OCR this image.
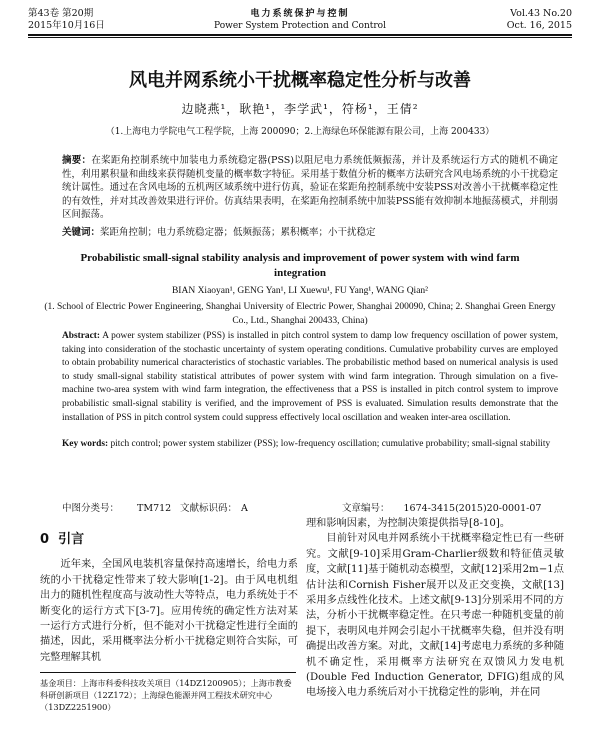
第43卷 第20期
2015年10月16日
电力系统保护与控制
Power System Protection and Control
Vol.43 No.20
Oct. 16, 2015
风电并网系统小干扰概率稳定性分析与改善
边晓燕¹，耿艳¹，李学武¹，符杨¹，王倩²
（1.上海电力学院电气工程学院，上海 200090；2.上海绿色环保能源有限公司，上海 200433）
摘要：在桨距角控制系统中加装电力系统稳定器(PSS)以阻尼电力系统低频振荡，并计及系统运行方式的随机不确定性，利用累积量和曲线来获得随机变量的概率数字特征。采用基于数值分析的概率方法研究含风电场系统的小干扰稳定统计属性。通过在含风电场的五机两区域系统中进行仿真，验证在桨距角控制系统中安装PSS对改善小干扰概率稳定性的有效性，并对其改善效果进行评价。仿真结果表明，在桨距角控制系统中加装PSS能有效抑制本地振荡模式，并削弱区间振荡。
关键词：桨距角控制；电力系统稳定器；低频振荡；累积概率；小干扰稳定
Probabilistic small-signal stability analysis and improvement of power system with wind farm integration
BIAN Xiaoyan¹, GENG Yan¹, LI Xuewu¹, FU Yang¹, WANG Qian²
(1. School of Electric Power Engineering, Shanghai University of Electric Power, Shanghai 200090, China; 2. Shanghai Green Energy Co., Ltd., Shanghai 200433, China)
Abstract: A power system stabilizer (PSS) is installed in pitch control system to damp low frequency oscillation of power system, taking into consideration of the stochastic uncertainty of system operating conditions. Cumulative probability curves are employed to obtain probability numerical characteristics of stochastic variables. The probabilistic method based on numerical analysis is used to study small-signal stability statistical attributes of power system with wind farm integration. Through simulation on a five-machine two-area system with wind farm integration, the effectiveness that a PSS is installed in pitch control system to improve probabilistic small-signal stability is verified, and the improvement of PSS is evaluated. Simulation results demonstrate that the installation of PSS in pitch control system could suppress effectively local oscillation and weaken inter-area oscillation.
Key words: pitch control; power system stabilizer (PSS); low-frequency oscillation; cumulative probability; small-signal stability
中图分类号： TM712 文献标识码： A	文章编号： 1674-3415(2015)20-0001-07
0 引言

近年来，全国风电装机容量保持高速增长，给电力系统的小干扰稳定性带来了较大影响[1-2]。由于风电机组出力的随机性程度高与波动性大等特点，电力系统处于不断变化的运行方式下[3-7]。应用传统的确定性方法对某一运行方式进行分析，但不能对小干扰稳定性进行全面的描述，因此，采用概率法分析小干扰稳定则符合实际，可完整理解其机

基金项目：上海市科委科技攻关项目（14DZ1200905）；上海市教委科研创新项目（12Z172）；上海绿色能源并网工程技术研究中心（13DZ2251900）

理和影响因素，为控制决策提供指导[8-10]。

目前针对风电并网系统小干扰概率稳定性已有一些研究。文献[9-10]采用Gram-Charlier级数和特征值灵敏度，文献[11]基于随机动态模型，文献[12]采用2m−1点估计法和Cornish Fisher展开以及正交变换，文献[13]采用多点线性化技术。上述文献[9-13]分别采用不同的方法，分析小干扰概率稳定性。在只考虑一种随机变量的前提下，表明风电并网会引起小干扰概率失稳，但并没有明确提出改善方案。对此，文献[14]考虑电力系统的多种随机不确定性，采用概率方法研究在双馈风力发电机(Double Fed Induction Generator, DFIG)组成的风电场接入电力系统后对小干扰稳定性的影响，并在同
